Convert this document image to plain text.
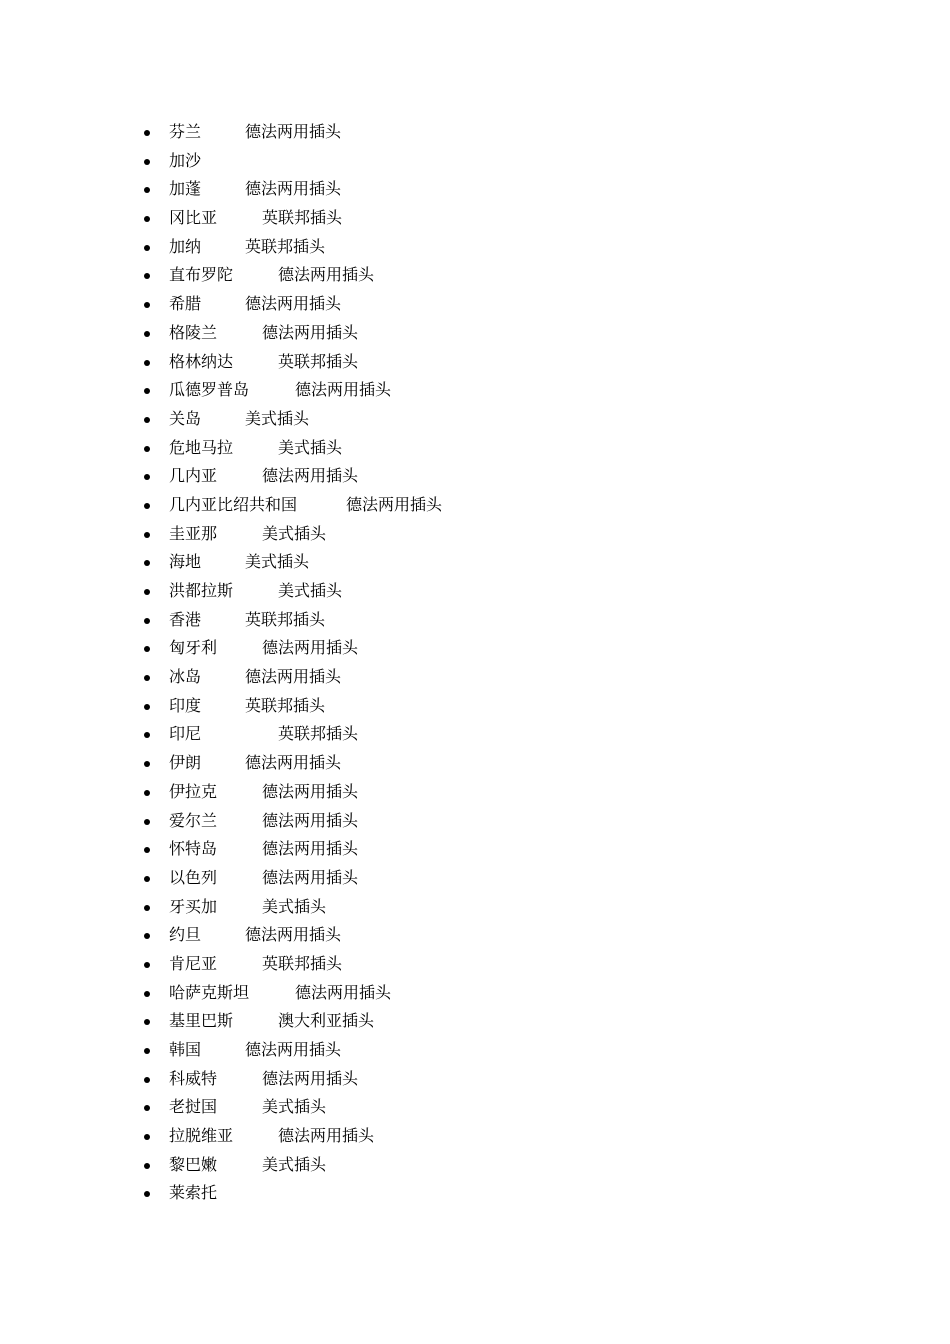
芬兰	德法两用插头
加沙
加蓬	德法两用插头
冈比亚	英联邦插头
加纳	英联邦插头
直布罗陀	德法两用插头
希腊	德法两用插头
格陵兰	德法两用插头
格林纳达	英联邦插头
瓜德罗普岛	德法两用插头
关岛	美式插头
危地马拉	美式插头
几内亚	德法两用插头
几内亚比绍共和国	德法两用插头
圭亚那	美式插头
海地	美式插头
洪都拉斯	美式插头
香港	英联邦插头
匈牙利	德法两用插头
冰岛	德法两用插头
印度	英联邦插头
印尼	英联邦插头
伊朗	德法两用插头
伊拉克	德法两用插头
爱尔兰	德法两用插头
怀特岛	德法两用插头
以色列	德法两用插头
牙买加	美式插头
约旦	德法两用插头
肯尼亚	英联邦插头
哈萨克斯坦	德法两用插头
基里巴斯	澳大利亚插头
韩国	德法两用插头
科威特	德法两用插头
老挝国	美式插头
拉脱维亚	德法两用插头
黎巴嫩	美式插头
莱索托
